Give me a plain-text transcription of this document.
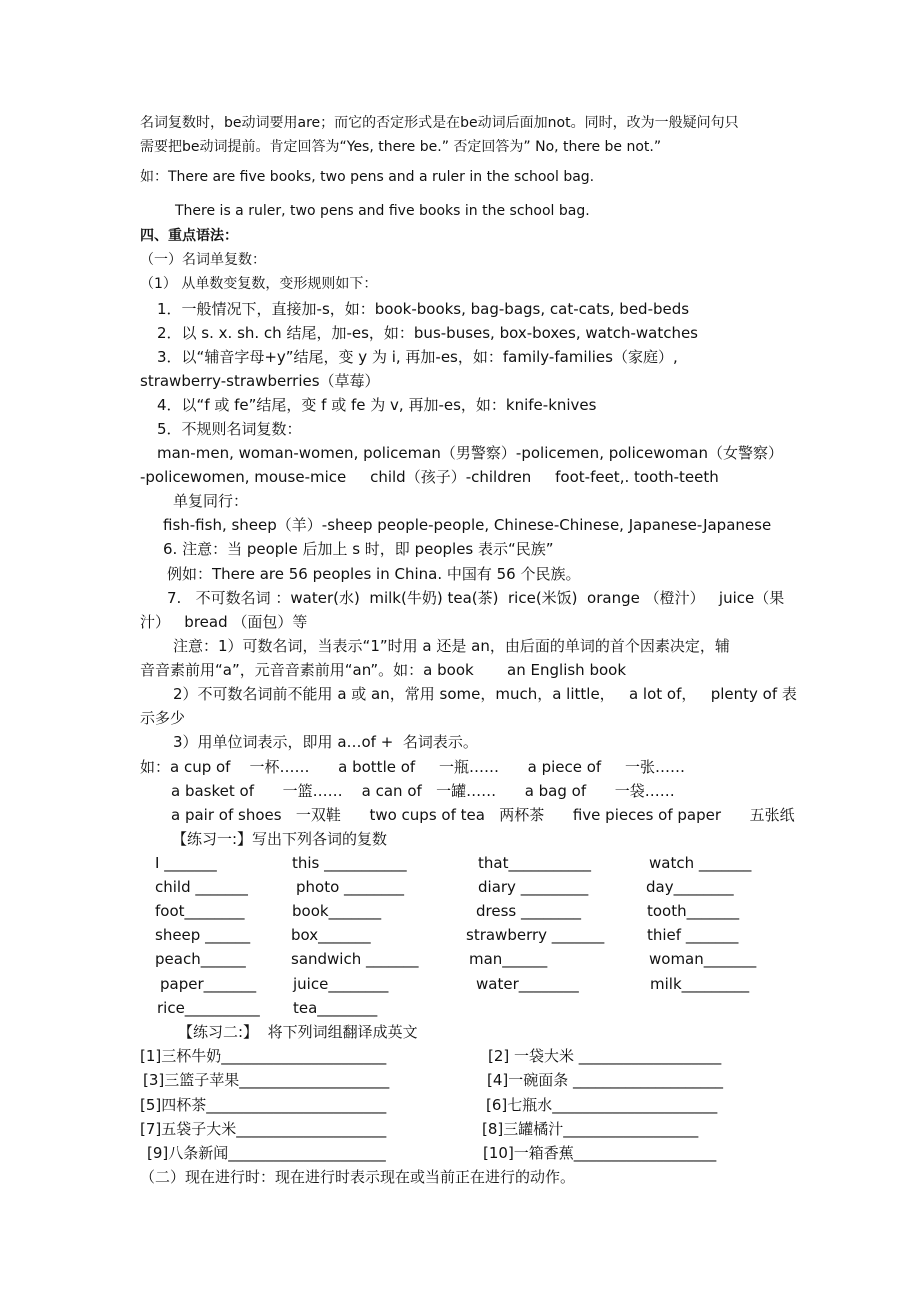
名词复数时，be动词要用are；而它的否定形式是在be动词后面加not。同时，改为一般疑问句只
需要把be动词提前。肯定回答为“Yes, there be.” 否定回答为” No, there be not.”
如：There are five books, two pens and a ruler in the school bag.
There is a ruler, two pens and five books in the school bag.
四、重点语法：
（一）名词单复数：
（1） 从单数变复数，变形规则如下：
1．一般情况下，直接加-s，如：book-books, bag-bags, cat-cats, bed-beds
2．以 s. x. sh. ch 结尾，加-es，如：bus-buses, box-boxes, watch-watches
3．以“辅音字母+y”结尾，变 y 为 i, 再加-es，如：family-families（家庭）,
strawberry-strawberries（草莓）
4．以“f 或 fe”结尾，变 f 或 fe 为 v, 再加-es，如：knife-knives
5．不规则名词复数：
man-men, woman-women, policeman（男警察）-policemen, policewoman（女警察）
-policewomen, mouse-mice     child（孩子）-children     foot-feet,. tooth-teeth
单复同行：
fish-fish, sheep（羊）-sheep people-people, Chinese-Chinese, Japanese-Japanese
6. 注意：当 people 后加上 s 时，即 peoples 表示“民族”
例如：There are 56 peoples in China. 中国有 56 个民族。
7.   不可数名词 ：water(水)  milk(牛奶) tea(茶)  rice(米饭)  orange （橙汁）   juice（果
汁）   bread （面包）等
注意：1）可数名词，当表示“1”时用 a 还是 an，由后面的单词的首个因素决定，辅
音音素前用“a”，元音音素前用“an”。如：a book       an English book
2）不可数名词前不能用 a 或 an，常用 some，much，a little，   a lot of，   plenty of 表
示多少
3）用单位词表示，即用 a…of +  名词表示。
如：a cup of    一杯……      a bottle of     一瓶……      a piece of     一张……
a basket of      一篮……    a can of   一罐……      a bag of      一袋……
a pair of shoes   一双鞋      two cups of tea   两杯茶      five pieces of paper      五张纸
【练习一:】写出下列各词的复数
I _______	this ___________	that___________	watch _______
child _______	photo ________	diary _________	day________
foot________	book_______	dress ________	tooth_______
sheep ______	box_______	strawberry _______	thief _______
peach______	sandwich _______	man______	woman_______
paper_______ juice________	water________	milk_________
rice__________ tea________
【练习二:】  将下列词组翻译成英文
[1]三杯牛奶______________________	[2] 一袋大米 ___________________
[3]三篮子苹果____________________	[4]一碗面条 ____________________
[5]四杯茶________________________	[6]七瓶水______________________
[7]五袋子大米____________________	[8]三罐橘汁__________________
[9]八条新闻_____________________	[10]一箱香蕉___________________
（二）现在进行时：现在进行时表示现在或当前正在进行的动作。
